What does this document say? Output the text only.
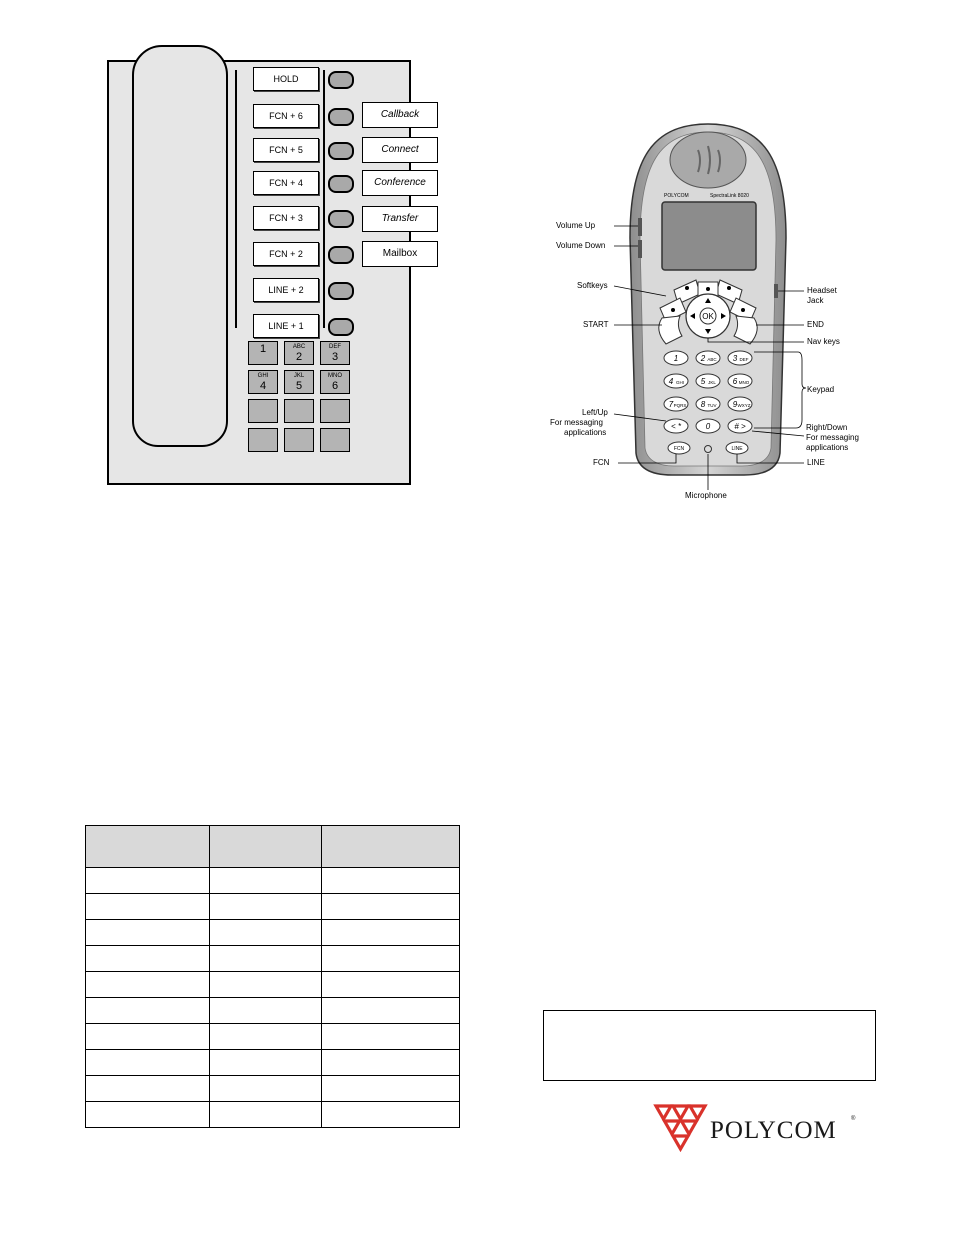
HOLD
FCN + 6
FCN + 5
FCN + 4
FCN + 3
FCN + 2
LINE + 2
LINE + 1
Callback
Connect
Conference
Transfer
Mailbox
1	ABC
2
DEF
3
GHI
4
JKL
5
MNO
6
OK
1	2 ABC 3 DEF
4 GHI 5 JKL 6 MNO
7 PQRS 8 TUV 9 WXYZ
< *	0	# >
FCN	LINE
POLYCOM	SpectraLink 8020
Volume Up
Volume Down
Softkeys
START
Left/Up
For messaging
applications
FCN
Microphone
Headset
Jack
END
Nav keys
Keypad
Right/Down
For messaging
applications
LINE

POLYCOM ®
